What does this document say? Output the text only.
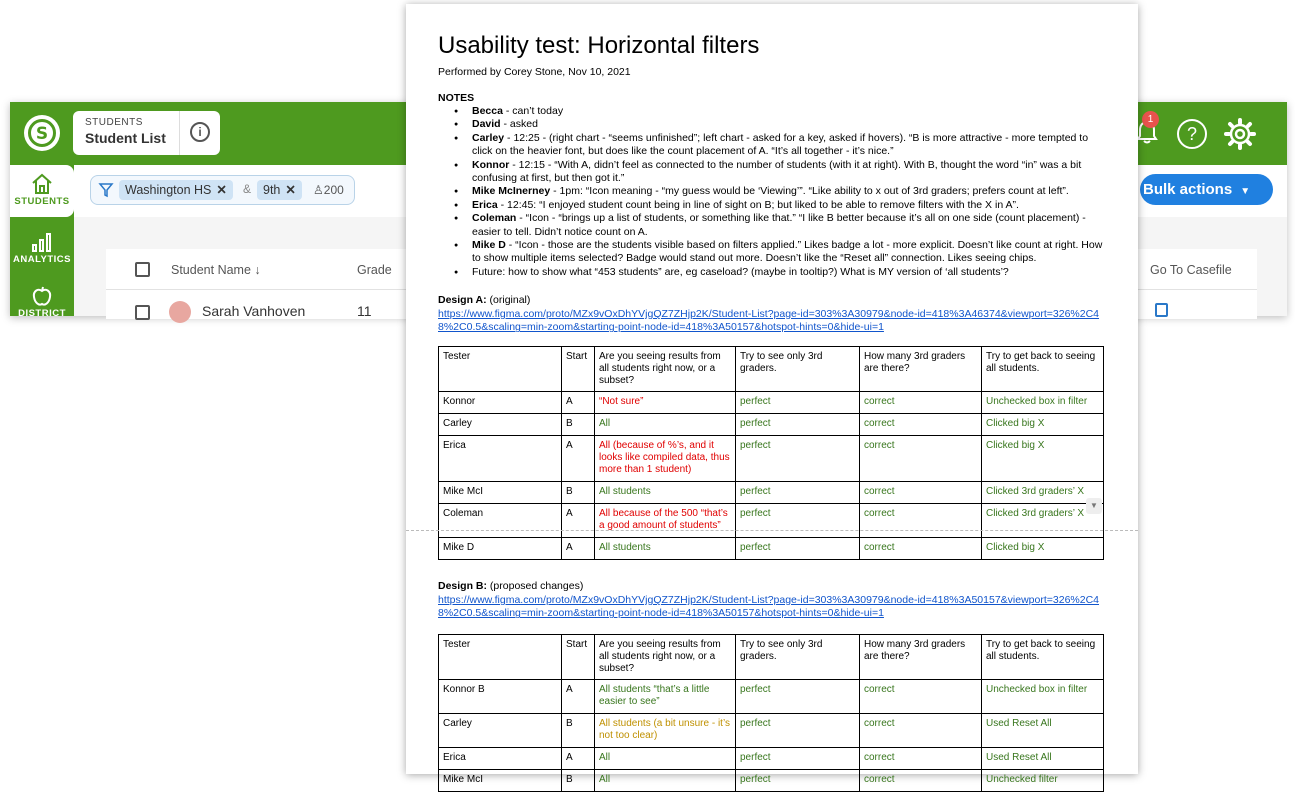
S
STUDENTS
Student List	i
1
?
STUDENTS
ANALYTICS
DISTRICT
Washington HS ✕	& 9th ✕	♙200	Bulk actions ▼
Student Name ↓	Grade	Go To Casefile
Sarah Vanhoven	11
Usability test: Horizontal filters
Performed by Corey Stone, Nov 10, 2021
NOTES
● Becca - can’t today
● David - asked
● Carley - 12:25 - (right chart - “seems unfinished”; left chart - asked for a key, asked if hovers). “B is more attractive - more tempted to click on the heavier font, but does like the count placement of A. “It’s all together - it’s nice.”
● Konnor - 12:15 - “With A, didn’t feel as connected to the number of students (with it at right). With B, thought the word “in” was a bit confusing at first, but then got it.”
● Mike McInerney - 1pm: “Icon meaning - “my guess would be ‘Viewing’”. “Like ability to x out of 3rd graders; prefers count at left”.
● Erica - 12:45: “I enjoyed student count being in line of sight on B; but liked to be able to remove filters with the X in A”.
● Coleman - “Icon - “brings up a list of students, or something like that.” “I like B better because it’s all on one side (count placement) - easier to tell. Didn’t notice count on A.
● Mike D - “Icon - those are the students visible based on filters applied.” Likes badge a lot - more explicit. Doesn’t like count at right. How to show multiple items selected? Badge would stand out more. Doesn’t like the “Reset all” connection. Likes seeing chips.
● Future: how to show what “453 students” are, eg caseload? (maybe in tooltip?) What is MY version of ‘all students’?
Design A: (original)
https://www.figma.com/proto/MZx9vOxDhYVjgQZ7ZHjp2K/Student-List?page-id=303%3A30979&node-id=418%3A46374&viewport=326%2C48%2C0.5&scaling=min-zoom&starting-point-node-id=418%3A50157&hotspot-hints=0&hide-ui=1
Tester	Start	Are you seeing results from all students right now, or a subset?	Try to see only 3rd graders.	How many 3rd graders are there?	Try to get back to seeing all students.
Konnor	A	“Not sure”	perfect	correct	Unchecked box in filter
Carley	B	All	perfect	correct	Clicked big X
Erica	A	All (because of %’s, and it looks like compiled data, thus more than 1 student)	perfect	correct	Clicked big X
Mike McI	B	All students	perfect	correct	Clicked 3rd graders’ X
Coleman	A	All because of the 500 “that’s a good amount of students”	perfect	correct	Clicked 3rd graders’ X
Mike D	A	All students	perfect	correct	Clicked big X
▼
Design B: (proposed changes)
https://www.figma.com/proto/MZx9vOxDhYVjgQZ7ZHjp2K/Student-List?page-id=303%3A30979&node-id=418%3A50157&viewport=326%2C48%2C0.5&scaling=min-zoom&starting-point-node-id=418%3A50157&hotspot-hints=0&hide-ui=1
Tester	Start	Are you seeing results from all students right now, or a subset?	Try to see only 3rd graders.	How many 3rd graders are there?	Try to get back to seeing all students.
Konnor B	A	All students “that’s a little easier to see”	perfect	correct	Unchecked box in filter
Carley	B	All students (a bit unsure - it’s not too clear)	perfect	correct	Used Reset All
Erica	A	All	perfect	correct	Used Reset All
Mike McI	B	All	perfect	correct	Unchecked filter
